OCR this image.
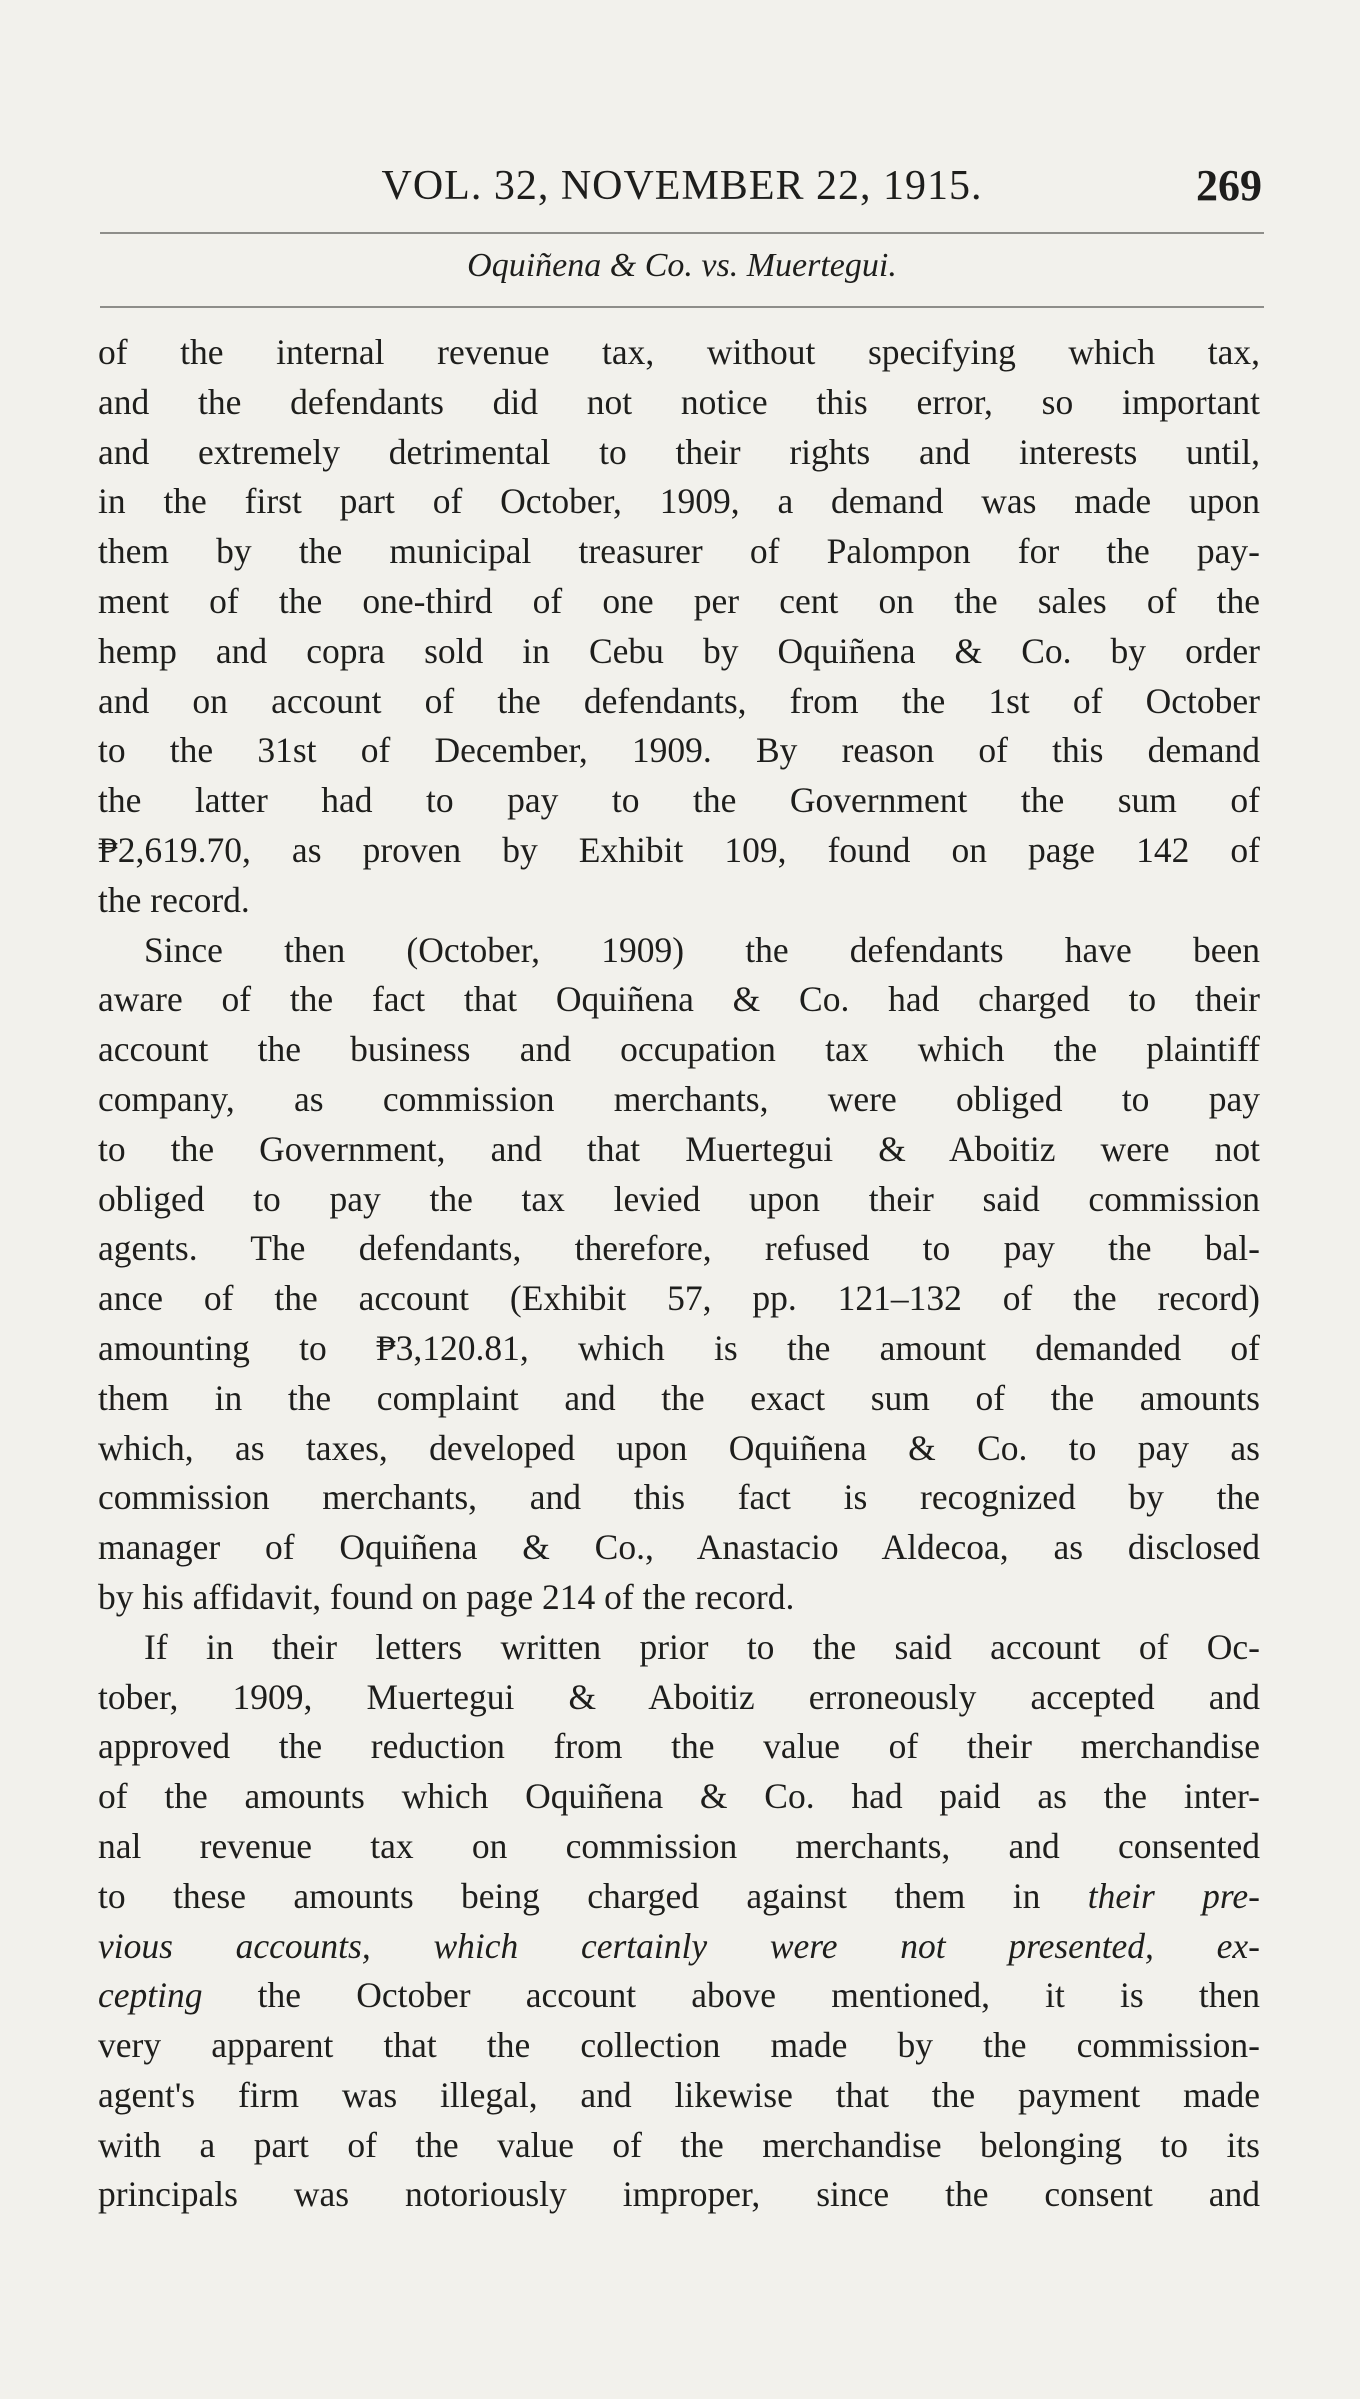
VOL. 32, NOVEMBER 22, 1915.	269
Oquiñena & Co. vs. Muertegui.

of the internal revenue tax, without specifying which tax,
and the defendants did not notice this error, so important
and extremely detrimental to their rights and interests until,
in the first part of October, 1909, a demand was made upon
them by the municipal treasurer of Palompon for the pay-
ment of the one-third of one per cent on the sales of the
hemp and copra sold in Cebu by Oquiñena & Co. by order
and on account of the defendants, from the 1st of October
to the 31st of December, 1909. By reason of this demand
the latter had to pay to the Government the sum of
₱2,619.70, as proven by Exhibit 109, found on page 142 of
the record.

Since then (October, 1909) the defendants have been
aware of the fact that Oquiñena & Co. had charged to their
account the business and occupation tax which the plaintiff
company, as commission merchants, were obliged to pay
to the Government, and that Muertegui & Aboitiz were not
obliged to pay the tax levied upon their said commission
agents. The defendants, therefore, refused to pay the bal-
ance of the account (Exhibit 57, pp. 121–132 of the record)
amounting to ₱3,120.81, which is the amount demanded of
them in the complaint and the exact sum of the amounts
which, as taxes, developed upon Oquiñena & Co. to pay as
commission merchants, and this fact is recognized by the
manager of Oquiñena & Co., Anastacio Aldecoa, as disclosed
by his affidavit, found on page 214 of the record.

If in their letters written prior to the said account of Oc-
tober, 1909, Muertegui & Aboitiz erroneously accepted and
approved the reduction from the value of their merchandise
of the amounts which Oquiñena & Co. had paid as the inter-
nal revenue tax on commission merchants, and consented
to these amounts being charged against them in their pre-
vious accounts, which certainly were not presented, ex-
cepting the October account above mentioned, it is then
very apparent that the collection made by the commission-
agent's firm was illegal, and likewise that the payment made
with a part of the value of the merchandise belonging to its
principals was notoriously improper, since the consent and
